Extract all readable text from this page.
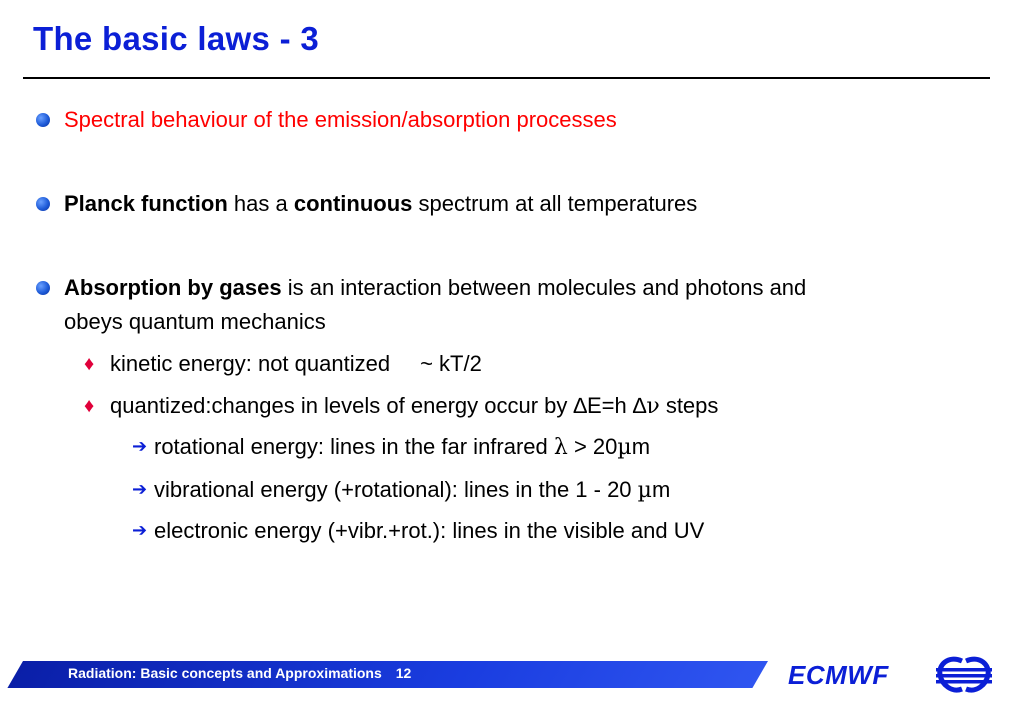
The basic laws - 3
Spectral behaviour of the emission/absorption processes
Planck function has a continuous spectrum at all temperatures
Absorption by gases is an interaction between molecules and photons and
obeys quantum mechanics
♦ kinetic energy: not quantized ~ kT/2
♦ quantized:changes in levels of energy occur by ∆E=h ∆ν steps
➔ rotational energy: lines in the far infrared λ > 20µm
➔ vibrational energy (+rotational): lines in the 1 - 20 µm
➔ electronic energy (+vibr.+rot.): lines in the visible and UV
Radiation: Basic concepts and Approximations 12	ECMWF
